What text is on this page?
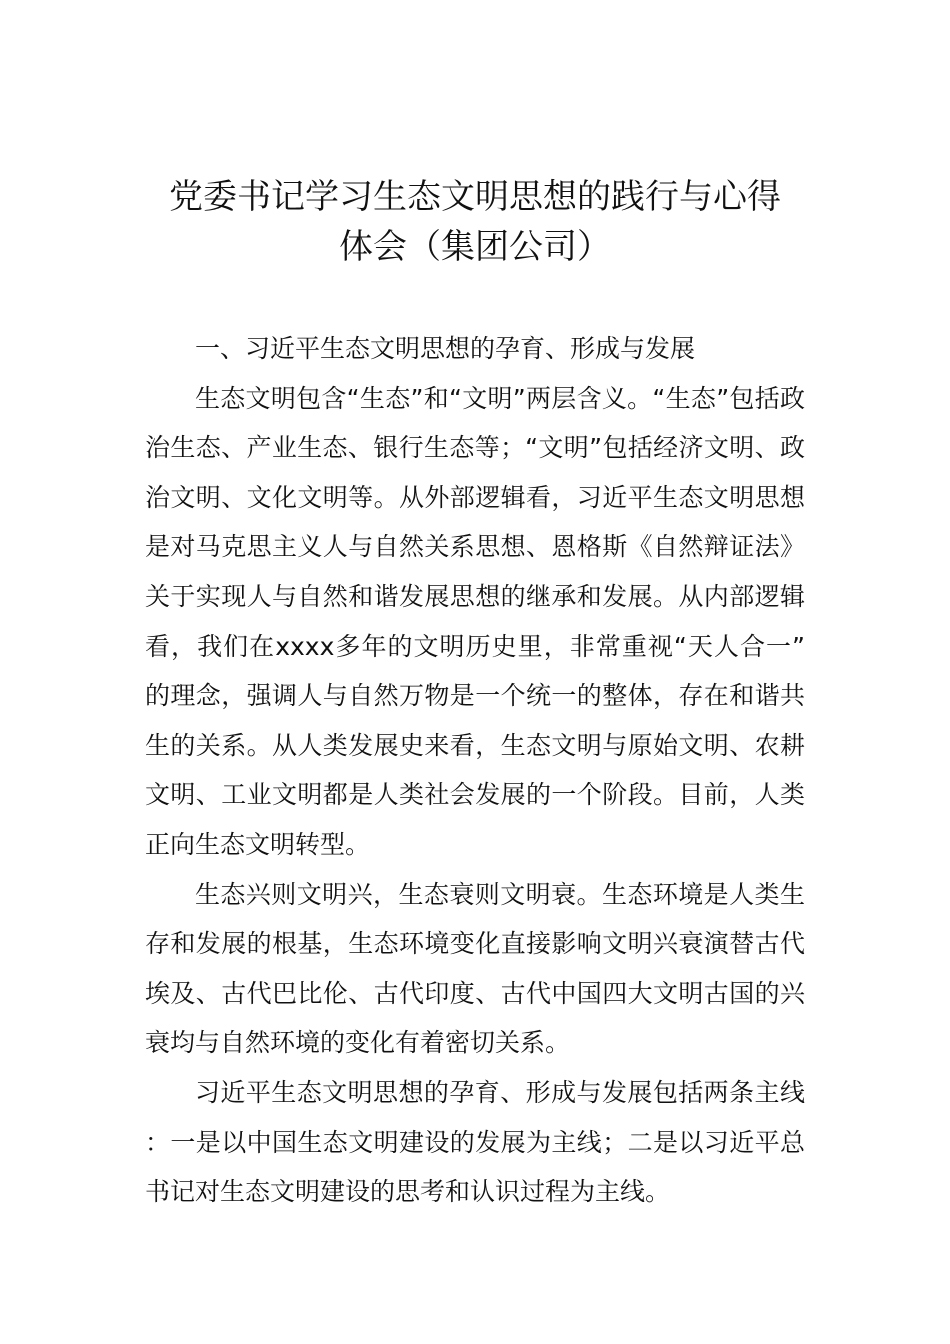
党委书记学习生态文明思想的践行与心得
体会（集团公司）

一、习近平生态文明思想的孕育、形成与发展

生态文明包含“生态”和“文明”两层含义。“生态”包括政治生态、产业生态、银行生态等；“文明”包括经济文明、政治文明、文化文明等。从外部逻辑看，习近平生态文明思想是对马克思主义人与自然关系思想、恩格斯《自然辩证法》关于实现人与自然和谐发展思想的继承和发展。从内部逻辑看，我们在xxxx多年的文明历史里，非常重视“天人合一”的理念，强调人与自然万物是一个统一的整体，存在和谐共生的关系。从人类发展史来看，生态文明与原始文明、农耕文明、工业文明都是人类社会发展的一个阶段。目前，人类正向生态文明转型。

生态兴则文明兴，生态衰则文明衰。生态环境是人类生存和发展的根基，生态环境变化直接影响文明兴衰演替古代埃及、古代巴比伦、古代印度、古代中国四大文明古国的兴衰均与自然环境的变化有着密切关系。

习近平生态文明思想的孕育、形成与发展包括两条主线：一是以中国生态文明建设的发展为主线；二是以习近平总书记对生态文明建设的思考和认识过程为主线。
